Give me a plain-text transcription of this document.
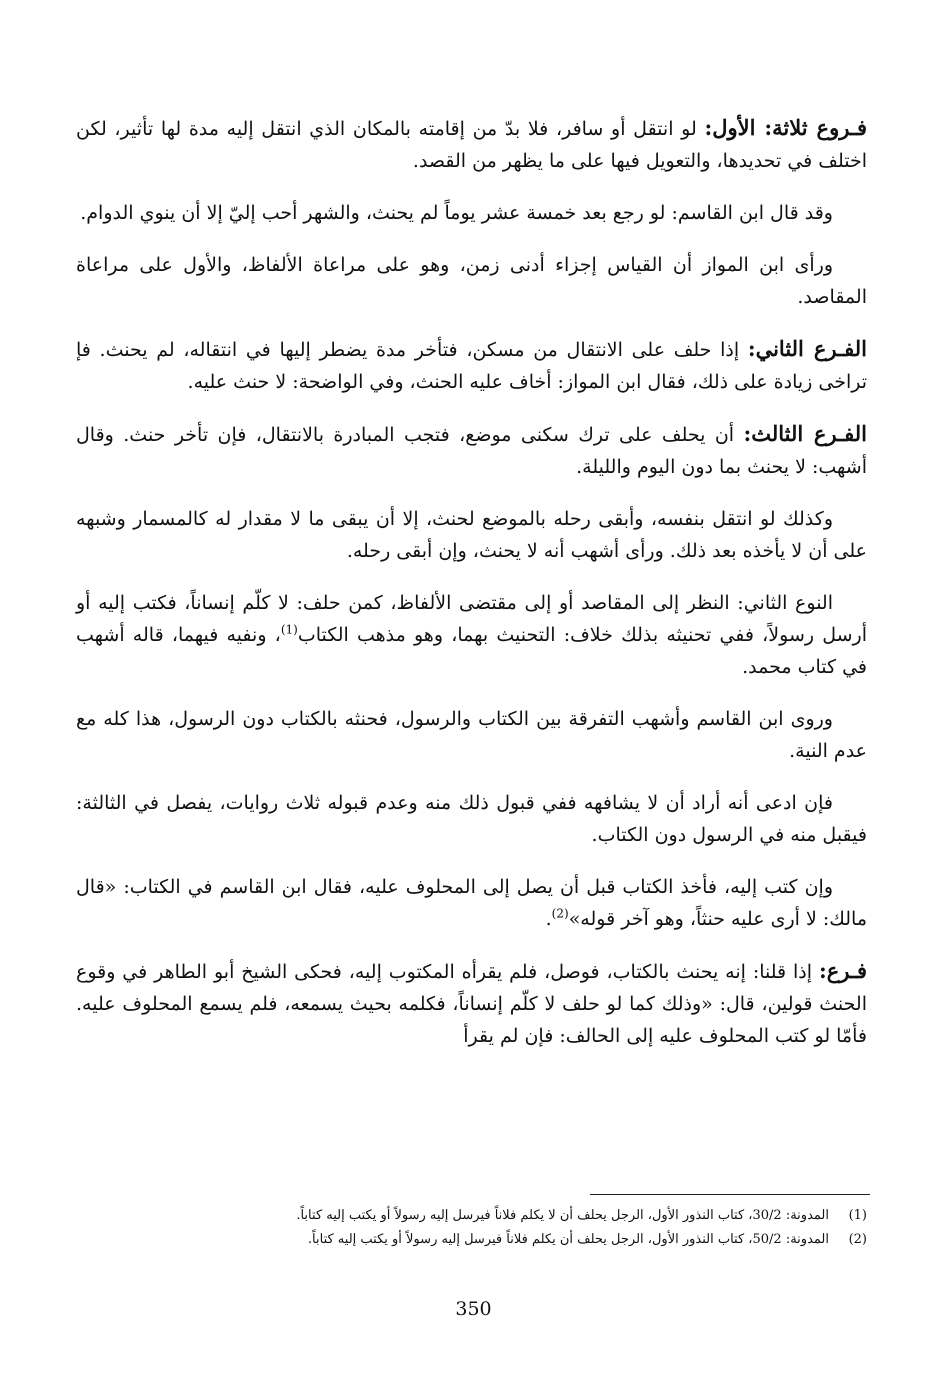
فـروع ثلاثة: الأول: لو انتقل أو سافر، فلا بدّ من إقامته بالمكان الذي انتقل إليه مدة لها تأثير، لكن اختلف في تحديدها، والتعويل فيها على ما يظهر من القصد.

وقد قال ابن القاسم: لو رجع بعد خمسة عشر يوماً لم يحنث، والشهر أحب إليّ إلا أن ينوي الدوام.

ورأى ابن المواز أن القياس إجزاء أدنى زمن، وهو على مراعاة الألفاظ، والأول على مراعاة المقاصد.

الفـرع الثاني: إذا حلف على الانتقال من مسكن، فتأخر مدة يضطر إليها في انتقاله، لم يحنث. فإ تراخى زيادة على ذلك، فقال ابن المواز: أخاف عليه الحنث، وفي الواضحة: لا حنث عليه.

الفـرع الثالث: أن يحلف على ترك سكنى موضع، فتجب المبادرة بالانتقال، فإن تأخر حنث. وقال أشهب: لا يحنث بما دون اليوم والليلة.

وكذلك لو انتقل بنفسه، وأبقى رحله بالموضع لحنث، إلا أن يبقى ما لا مقدار له كالمسمار وشبهه على أن لا يأخذه بعد ذلك. ورأى أشهب أنه لا يحنث، وإن أبقى رحله.

النوع الثاني: النظر إلى المقاصد أو إلى مقتضى الألفاظ، كمن حلف: لا كلّم إنساناً، فكتب إليه أو أرسل رسولاً، ففي تحنيثه بذلك خلاف: التحنيث بهما، وهو مذهب الكتاب$^{(1)}$، ونفيه فيهما، قاله أشهب في كتاب محمد.

وروى ابن القاسم وأشهب التفرقة بين الكتاب والرسول، فحنثه بالكتاب دون الرسول، هذا كله مع عدم النية.

فإن ادعى أنه أراد أن لا يشافهه ففي قبول ذلك منه وعدم قبوله ثلاث روايات، يفصل في الثالثة: فيقبل منه في الرسول دون الكتاب.

وإن كتب إليه، فأخذ الكتاب قبل أن يصل إلى المحلوف عليه، فقال ابن القاسم في الكتاب: «قال مالك: لا أرى عليه حنثاً، وهو آخر قوله»$^{(2)}$.

فـرع: إذا قلنا: إنه يحنث بالكتاب، فوصل، فلم يقرأه المكتوب إليه، فحكى الشيخ أبو الطاهر في وقوع الحنث قولين، قال: «وذلك كما لو حلف لا كلّم إنساناً، فكلمه بحيث يسمعه، فلم يسمع المحلوف عليه. فأمّا لو كتب المحلوف عليه إلى الحالف: فإن لم يقرأ

(1)
المدونة: 30/2، كتاب النذور الأول، الرجل يحلف أن لا يكلم فلاناً فيرسل إليه رسولاً أو يكتب إليه كتاباً.

(2)
المدونة: 50/2، كتاب النذور الأول، الرجل يحلف أن يكلم فلاناً فيرسل إليه رسولاً أو يكتب إليه كتاباً.

350
